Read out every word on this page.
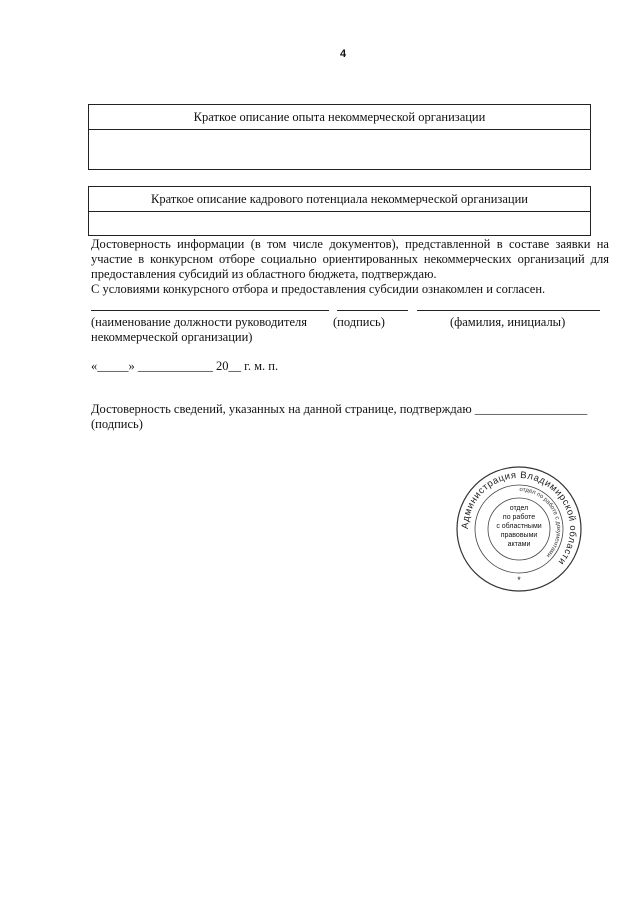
4
Краткое описание опыта некоммерческой организации
Краткое описание кадрового потенциала некоммерческой организации

Достоверность информации (в том числе документов), представленной в составе заявки на участие в конкурсном отборе социально ориентированных некоммерческих организаций для предоставления субсидий из областного бюджета, подтверждаю.

С условиями конкурсного отбора и предоставления субсидии ознакомлен и согласен.

(наименование должности руководителя
некоммерческой организации)
(подпись)	(фамилия, инициалы)
«_____» ____________ 20__ г. м. п.
Достоверность сведений, указанных на данной странице, подтверждаю __________________
(подпись)
Администрация Владимирской области
отдел по работе с документами
отдел
по работе
с областными
правовыми
актами
*
